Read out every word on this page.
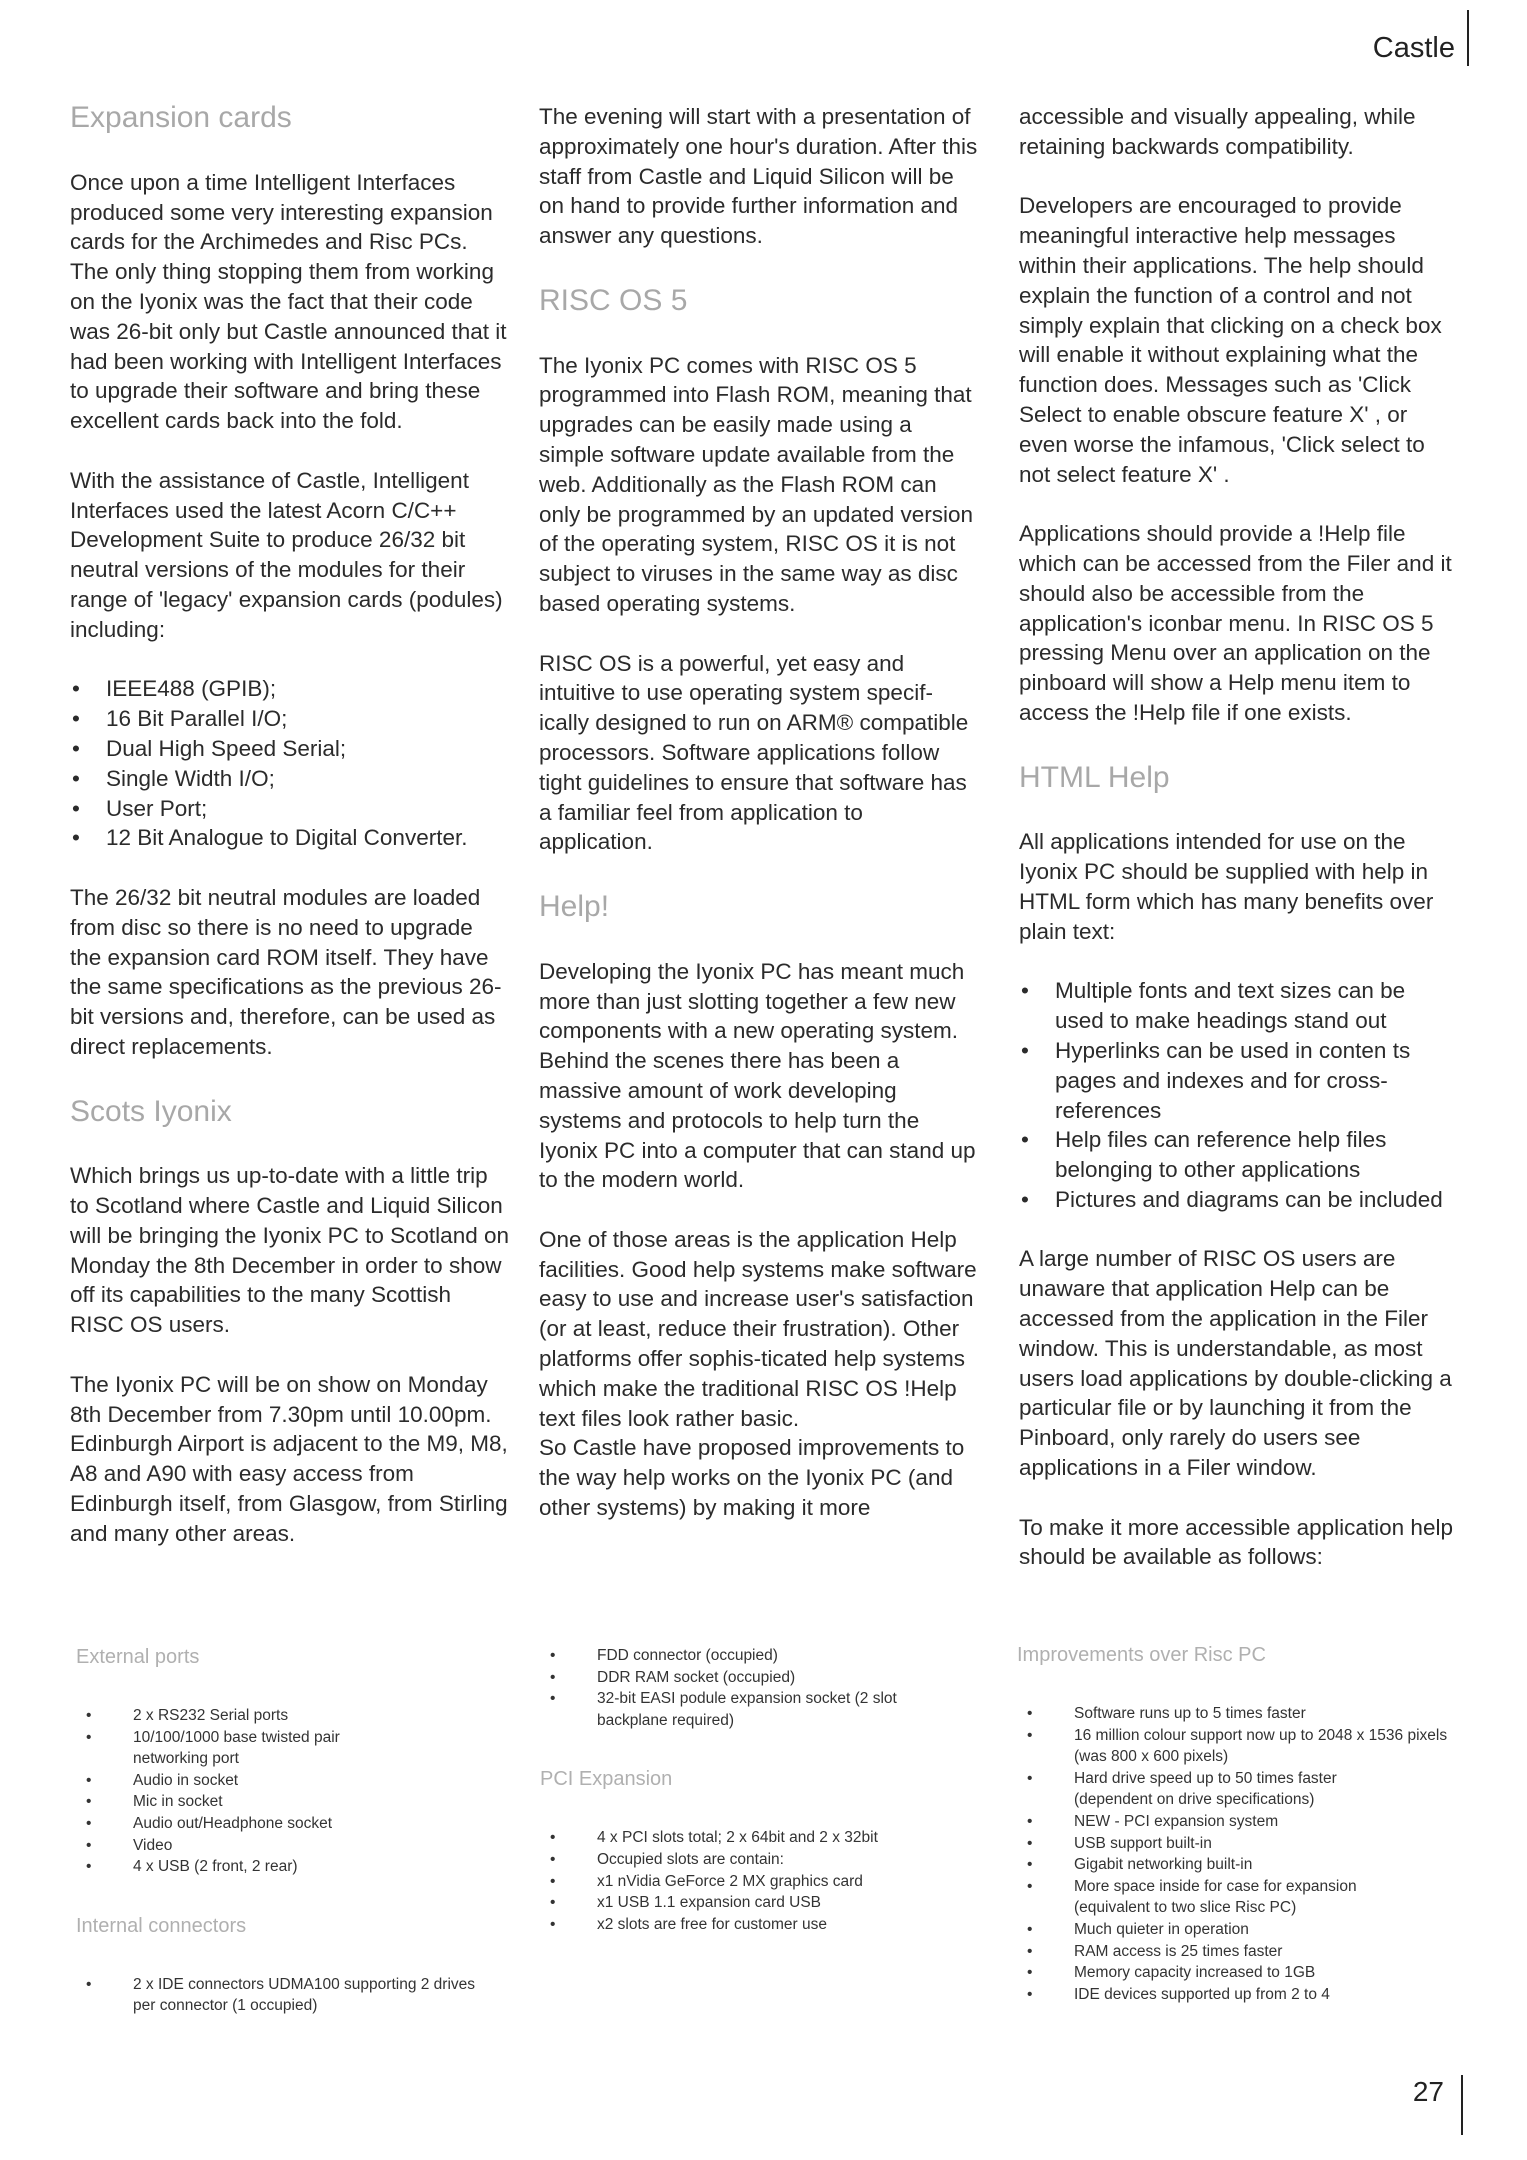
Castle
Expansion cards

Once upon a time Intelligent Interfaces produced some very interesting expansion cards for the Archimedes and Risc PCs. The only thing stopping them from working on the Iyonix was the fact that their code was 26-bit only but Castle announced that it had been working with Intelligent Interfaces to upgrade their software and bring these excellent cards back into the fold.

With the assistance of Castle, Intelligent Interfaces used the latest Acorn C/C++ Development Suite to produce 26/32 bit neutral versions of the modules for their range of 'legacy' expansion cards (podules) including:

• IEEE488 (GPIB);
• 16 Bit Parallel I/O;
• Dual High Speed Serial;
• Single Width I/O;
• User Port;
• 12 Bit Analogue to Digital Converter.

The 26/32 bit neutral modules are loaded from disc so there is no need to upgrade the expansion card ROM itself. They have the same specifications as the previous 26-bit versions and, therefore, can be used as direct replacements.

Scots Iyonix

Which brings us up-to-date with a little trip to Scotland where Castle and Liquid Silicon will be bringing the Iyonix PC to Scotland on Monday the 8th December in order to show off its capabilities to the many Scottish RISC OS users.

The Iyonix PC will be on show on Monday 8th December from 7.30pm until 10.00pm. Edinburgh Airport is adjacent to the M9, M8, A8 and A90 with easy access from Edinburgh itself, from Glasgow, from Stirling and many other areas.

The evening will start with a presentation of approximately one hour's duration. After this staff from Castle and Liquid Silicon will be on hand to provide further information and answer any questions.

RISC OS 5

The Iyonix PC comes with RISC OS 5 programmed into Flash ROM, meaning that upgrades can be easily made using a simple software update available from the web. Additionally as the Flash ROM can only be programmed by an updated version of the operating system, RISC OS it is not subject to viruses in the same way as disc based operating systems.

RISC OS is a powerful, yet easy and intuitive to use operating system specif-ically designed to run on ARM® compatible processors. Software applications follow tight guidelines to ensure that software has a familiar feel from application to application.

Help!

Developing the Iyonix PC has meant much more than just slotting together a few new components with a new operating system. Behind the scenes there has been a massive amount of work developing systems and protocols to help turn the Iyonix PC into a computer that can stand up to the modern world.

One of those areas is the application Help facilities. Good help systems make software easy to use and increase user's satisfaction (or at least, reduce their frustration). Other platforms offer sophis-ticated help systems which make the traditional RISC OS !Help text files look rather basic.

So Castle have proposed improvements to the way help works on the Iyonix PC (and other systems) by making it more

accessible and visually appealing, while retaining backwards compatibility.

Developers are encouraged to provide meaningful interactive help messages within their applications. The help should explain the function of a control and not simply explain that clicking on a check box will enable it without explaining what the function does. Messages such as 'Click Select to enable obscure feature X' , or even worse the infamous, 'Click select to not select feature X' .

Applications should provide a !Help file which can be accessed from the Filer and it should also be accessible from the application's iconbar menu. In RISC OS 5 pressing Menu over an application on the pinboard will show a Help menu item to access the !Help file if one exists.

HTML Help

All applications intended for use on the Iyonix PC should be supplied with help in HTML form which has many benefits over plain text:

• Multiple fonts and text sizes can be used to make headings stand out
• Hyperlinks can be used in conten ts pages and indexes and for cross-references
• Help files can reference help files belonging to other applications
• Pictures and diagrams can be included

A large number of RISC OS users are unaware that application Help can be accessed from the application in the Filer window. This is understandable, as most users load applications by double-clicking a particular file or by launching it from the Pinboard, only rarely do users see applications in a Filer window.

To make it more accessible application help should be available as follows:

External ports
• 2 x RS232 Serial ports
• 10/100/1000 base twisted pair networking port
• Audio in socket
• Mic in socket
• Audio out/Headphone socket
• Video
• 4 x USB (2 front, 2 rear)
Internal connectors
• 2 x IDE connectors UDMA100 supporting 2 drives per connector (1 occupied)
• FDD connector (occupied)
• DDR RAM socket (occupied)
• 32-bit EASI podule expansion socket (2 slot backplane required)
PCI Expansion
• 4 x PCI slots total; 2 x 64bit and 2 x 32bit
• Occupied slots are contain:
• x1 nVidia GeForce 2 MX graphics card
• x1 USB 1.1 expansion card USB
• x2 slots are free for customer use
Improvements over Risc PC
• Software runs up to 5 times faster
• 16 million colour support now up to 2048 x 1536 pixels (was 800 x 600 pixels)
• Hard drive speed up to 50 times faster (dependent on drive specifications)
• NEW - PCI expansion system
• USB support built-in
• Gigabit networking built-in
• More space inside for case for expansion (equivalent to two slice Risc PC)
• Much quieter in operation
• RAM access is 25 times faster
• Memory capacity increased to 1GB
• IDE devices supported up from 2 to 4
27
